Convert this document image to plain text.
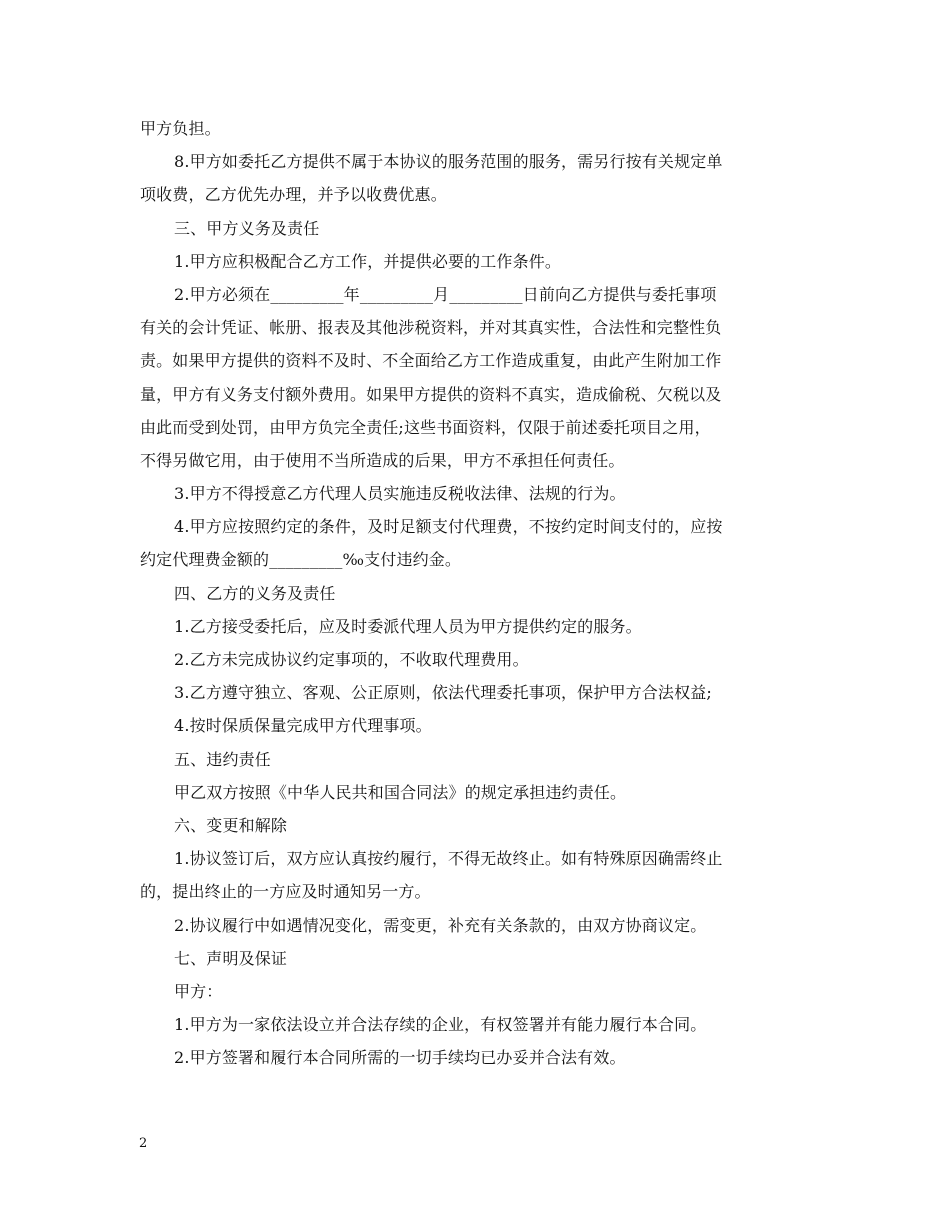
甲方负担。
8.甲方如委托乙方提供不属于本协议的服务范围的服务，需另行按有关规定单
项收费，乙方优先办理，并予以收费优惠。
三、甲方义务及责任
1.甲方应积极配合乙方工作，并提供必要的工作条件。
2.甲方必须在_________年_________月_________日前向乙方提供与委托事项
有关的会计凭证、帐册、报表及其他涉税资料，并对其真实性，合法性和完整性负
责。如果甲方提供的资料不及时、不全面给乙方工作造成重复，由此产生附加工作
量，甲方有义务支付额外费用。如果甲方提供的资料不真实，造成偷税、欠税以及
由此而受到处罚，由甲方负完全责任;这些书面资料，仅限于前述委托项目之用，
不得另做它用，由于使用不当所造成的后果，甲方不承担任何责任。
3.甲方不得授意乙方代理人员实施违反税收法律、法规的行为。
4.甲方应按照约定的条件，及时足额支付代理费，不按约定时间支付的，应按
约定代理费金额的_________‰支付违约金。
四、乙方的义务及责任
1.乙方接受委托后，应及时委派代理人员为甲方提供约定的服务。
2.乙方未完成协议约定事项的，不收取代理费用。
3.乙方遵守独立、客观、公正原则，依法代理委托事项，保护甲方合法权益;
4.按时保质保量完成甲方代理事项。
五、违约责任
甲乙双方按照《中华人民共和国合同法》的规定承担违约责任。
六、变更和解除
1.协议签订后，双方应认真按约履行，不得无故终止。如有特殊原因确需终止
的，提出终止的一方应及时通知另一方。
2.协议履行中如遇情况变化，需变更，补充有关条款的，由双方协商议定。
七、声明及保证
甲方：
1.甲方为一家依法设立并合法存续的企业，有权签署并有能力履行本合同。
2.甲方签署和履行本合同所需的一切手续均已办妥并合法有效。
2
